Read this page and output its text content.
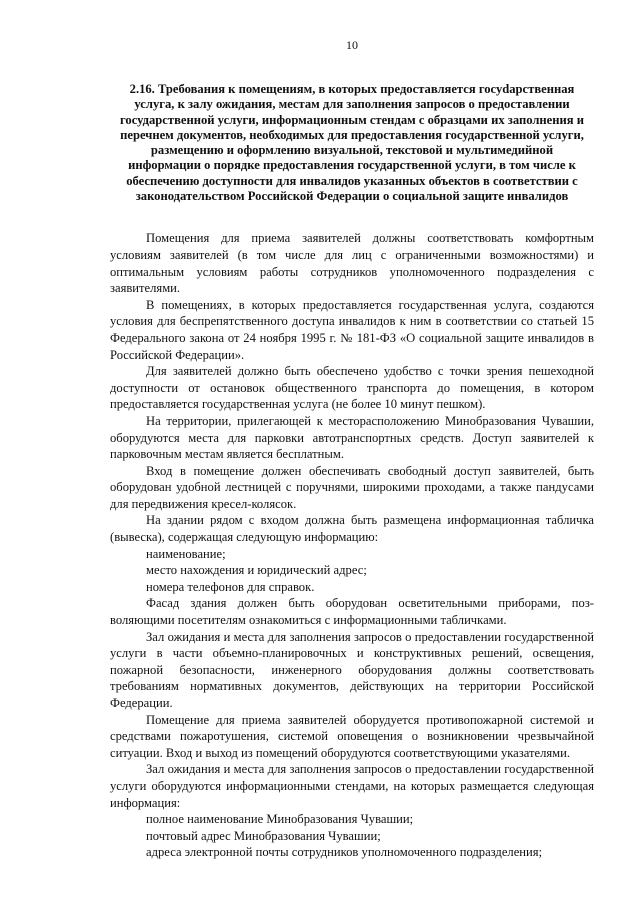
10
2.16. Требования к помещениям, в которых предоставляется госуdарственная услуга, к залу ожидания, местам для заполнения запросов о предоставлении государственной услуги, информационным стендам с образцами их заполнения и перечнем документов, необходимых для предоставления государственной услуги, размещению и оформлению визуальной, текстовой и мультимедийной информации о порядке предоставления государственной услуги, в том числе к обеспечению доступности для инвалидов указанных объектов в соответствии с законодательством Российской Федерации о социальной защите инвалидов

Помещения для приема заявителей должны соответствовать комфортным условиям заявителей (в том числе для лиц с ограниченными возможностями) и оптимальным условиям работы сотрудников уполномоченного подразделения с заявителями.

В помещениях, в которых предоставляется государственная услуга, создаются условия для беспрепятственного доступа инвалидов к ним в соответствии со статьей 15 Федерального закона от 24 ноября 1995 г. № 181-ФЗ «О социальной защите инвалидов в Российской Федерации».

Для заявителей должно быть обеспечено удобство с точки зрения пешеходной доступности от остановок общественного транспорта до помещения, в котором предоставляется государственная услуга (не более 10 минут пешком).

На территории, прилегающей к месторасположению Минобразования Чувашии, оборудуются места для парковки автотранспортных средств. Доступ заявителей к парковочным местам является бесплатным.

Вход в помещение должен обеспечивать свободный доступ заявителей, быть оборудован удобной лестницей с поручнями, широкими проходами, а также пандусами для передвижения кресел-колясок.

На здании рядом с входом должна быть размещена информационная табличка (вывеска), содержащая следующую информацию:

наименование;

место нахождения и юридический адрес;

номера телефонов для справок.

Фасад здания должен быть оборудован осветительными приборами, позволяющими посетителям ознакомиться с информационными табличками.

Зал ожидания и места для заполнения запросов о предоставлении государственной услуги в части объемно-планировочных и конструктивных решений, освещения, пожарной безопасности, инженерного оборудования должны соответствовать требованиям нормативных документов, действующих на территории Российской Федерации.

Помещение для приема заявителей оборудуется противопожарной системой и средствами пожаротушения, системой оповещения о возникновении чрезвычайной ситуации. Вход и выход из помещений оборудуются соответствующими указателями.

Зал ожидания и места для заполнения запросов о предоставлении государственной услуги оборудуются информационными стендами, на которых размещается следующая информация:

полное наименование Минобразования Чувашии;

почтовый адрес Минобразования Чувашии;

адреса электронной почты сотрудников уполномоченного подразделения;
